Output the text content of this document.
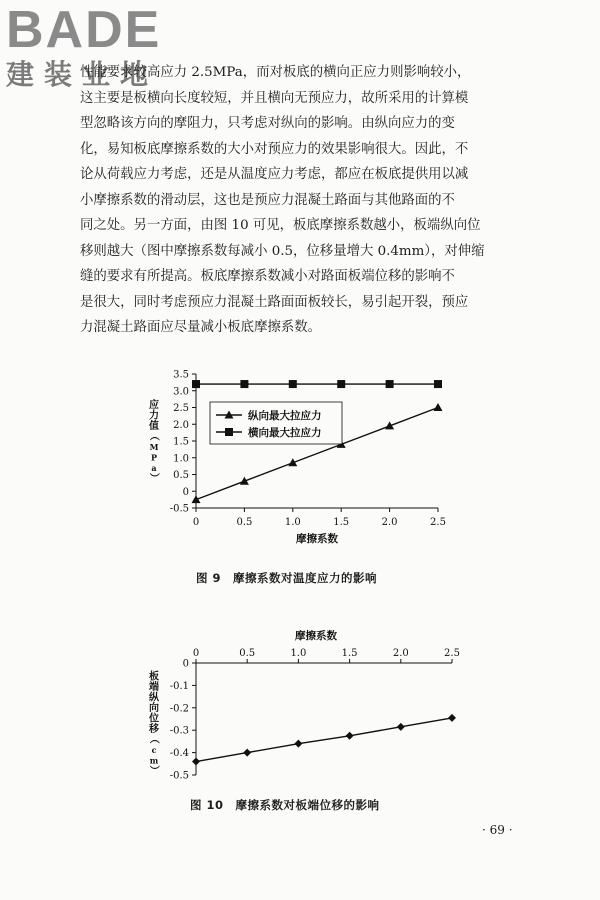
BADE
建装业地
性能要求较高应力 2.5MPa，而对板底的横向正应力则影响较小，
这主要是板横向长度较短，并且横向无预应力，故所采用的计算模
型忽略该方向的摩阻力，只考虑对纵向的影响。由纵向应力的变
化，易知板底摩擦系数的大小对预应力的效果影响很大。因此，不
论从荷载应力考虑，还是从温度应力考虑，都应在板底提供用以减
小摩擦系数的滑动层，这也是预应力混凝土路面与其他路面的不
同之处。另一方面，由图 10 可见，板底摩擦系数越小，板端纵向位
移则越大（图中摩擦系数每减小 0.5，位移量增大 0.4mm），对伸缩
缝的要求有所提高。板底摩擦系数减小对路面板端位移的影响不
是很大，同时考虑预应力混凝土路面面板较长，易引起开裂，预应
力混凝土路面应尽量减小板底摩擦系数。
0	0.5	1.0	1.5	2.0	2.5
-0.5
0
0.5
1.0
1.5
2.0
2.5
3.0
3.5
摩擦系数
应
力
值
（
M
P
a
）
纵向最大拉应力
横向最大拉应力
图 9　摩擦系数对温度应力的影响
摩擦系数
0	0.5	1.0	1.5	2.0	2.5
0
-0.1
-0.2
-0.3
-0.4
-0.5
板
端
纵
向
位
移
（
c
m
）
图 10　摩擦系数对板端位移的影响
· 69 ·
